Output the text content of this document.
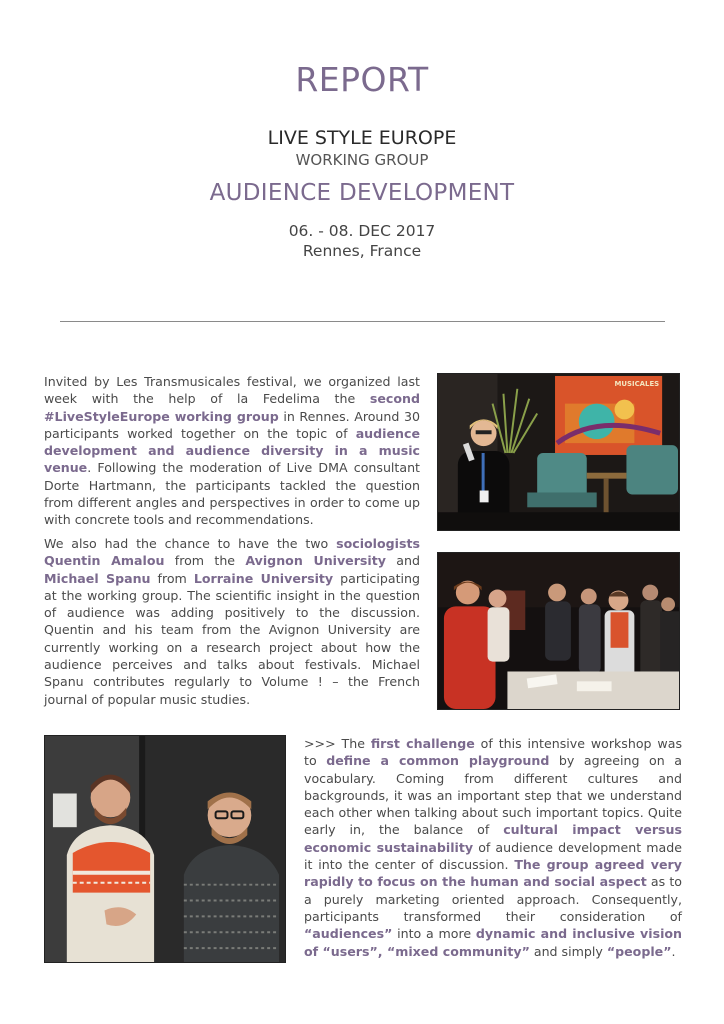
REPORT
LIVE STYLE EUROPE
WORKING GROUP
AUDIENCE DEVELOPMENT
06. - 08. DEC 2017
Rennes, France

Invited by Les Transmusicales festival, we organized last week with the help of la Fedelima the second #LiveStyleEurope working group in Rennes. Around 30 participants worked together on the topic of audience development and audience diversity in a music venue. Following the moderation of Live DMA consultant Dorte Hartmann, the participants tackled the question from different angles and perspectives in order to come up with concrete tools and recommendations.

We also had the chance to have the two sociologists Quentin Amalou from the Avignon University and Michael Spanu from Lorraine University participating at the working group. The scientific insight in the question of audience was adding positively to the discussion. Quentin and his team from the Avignon University are currently working on a research project about how the audience perceives and talks about festivals. Michael Spanu contributes regularly to Volume ! – the French journal of popular music studies.

>>> The first challenge of this intensive workshop was to define a common playground by agreeing on a vocabulary. Coming from different cultures and backgrounds, it was an important step that we understand each other when talking about such important topics. Quite early in, the balance of cultural impact versus economic sustainability of audience development made it into the center of discussion. The group agreed very rapidly to focus on the human and social aspect as to a purely marketing oriented approach. Consequently, participants transformed their consideration of “audiences” into a more dynamic and inclusive vision of “users”, “mixed community” and simply “people”.

MUSICALES
